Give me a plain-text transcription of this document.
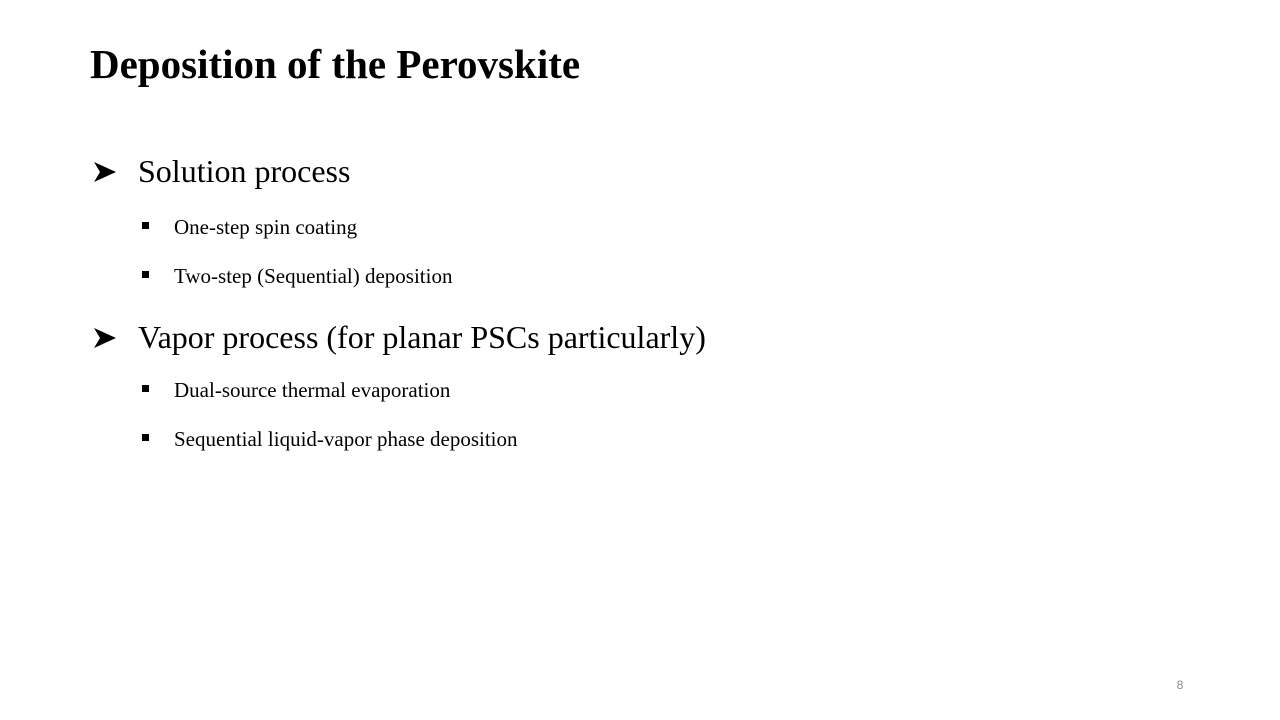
Deposition of the Perovskite
Solution process
One-step spin coating
Two-step (Sequential) deposition
Vapor process (for planar PSCs particularly)
Dual-source thermal evaporation
Sequential liquid-vapor phase deposition
8
